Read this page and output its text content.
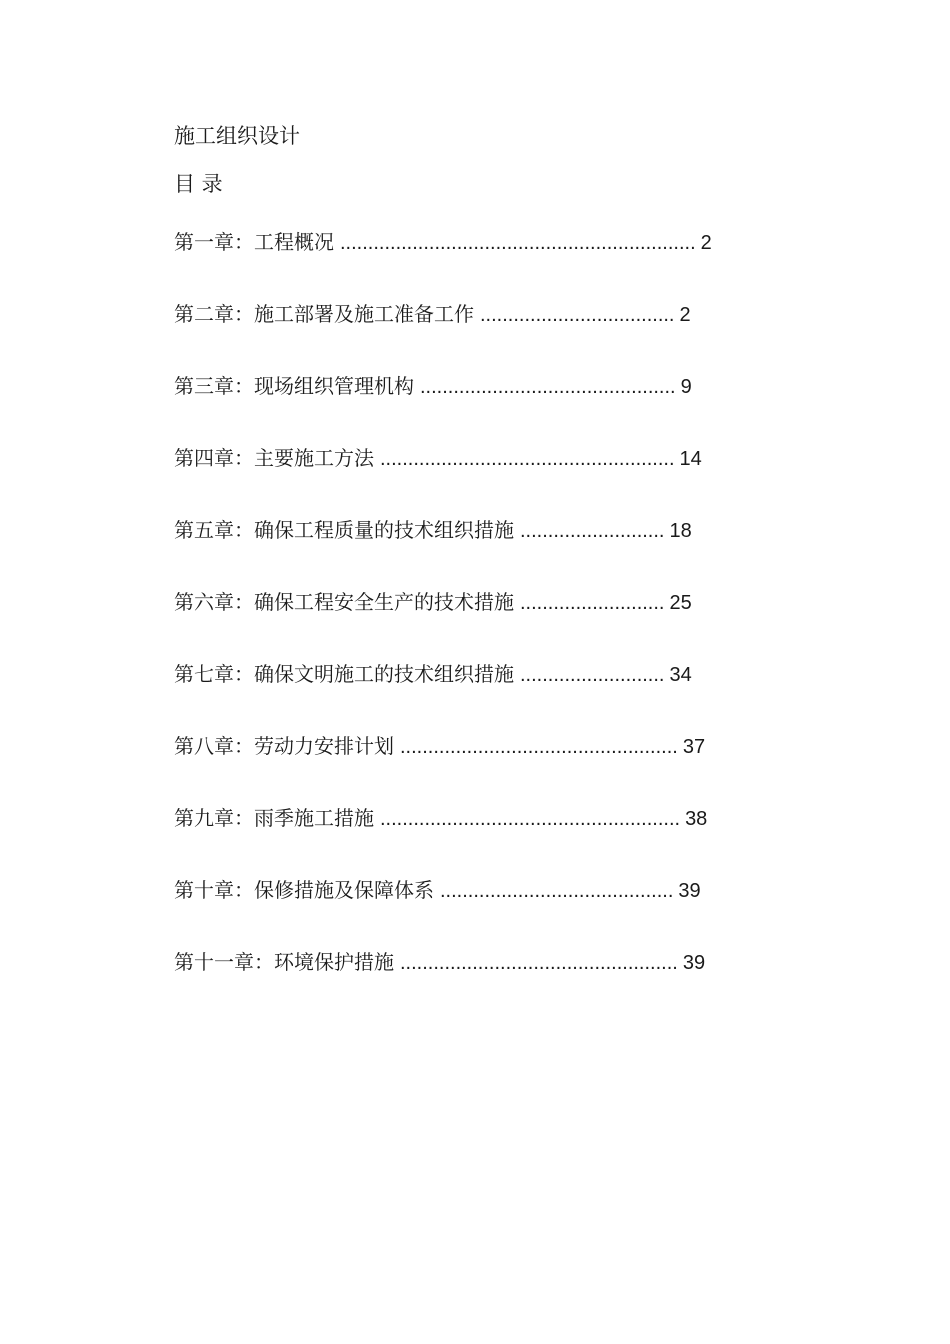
施工组织设计
目 录
第一章：工程概况 ................................................................ 2
第二章：施工部署及施工准备工作 ................................... 2
第三章：现场组织管理机构 .............................................. 9
第四章：主要施工方法 ..................................................... 14
第五章：确保工程质量的技术组织措施 .......................... 18
第六章：确保工程安全生产的技术措施 .......................... 25
第七章：确保文明施工的技术组织措施 .......................... 34
第八章：劳动力安排计划 .................................................. 37
第九章：雨季施工措施 ...................................................... 38
第十章：保修措施及保障体系 .......................................... 39
第十一章：环境保护措施 .................................................. 39
